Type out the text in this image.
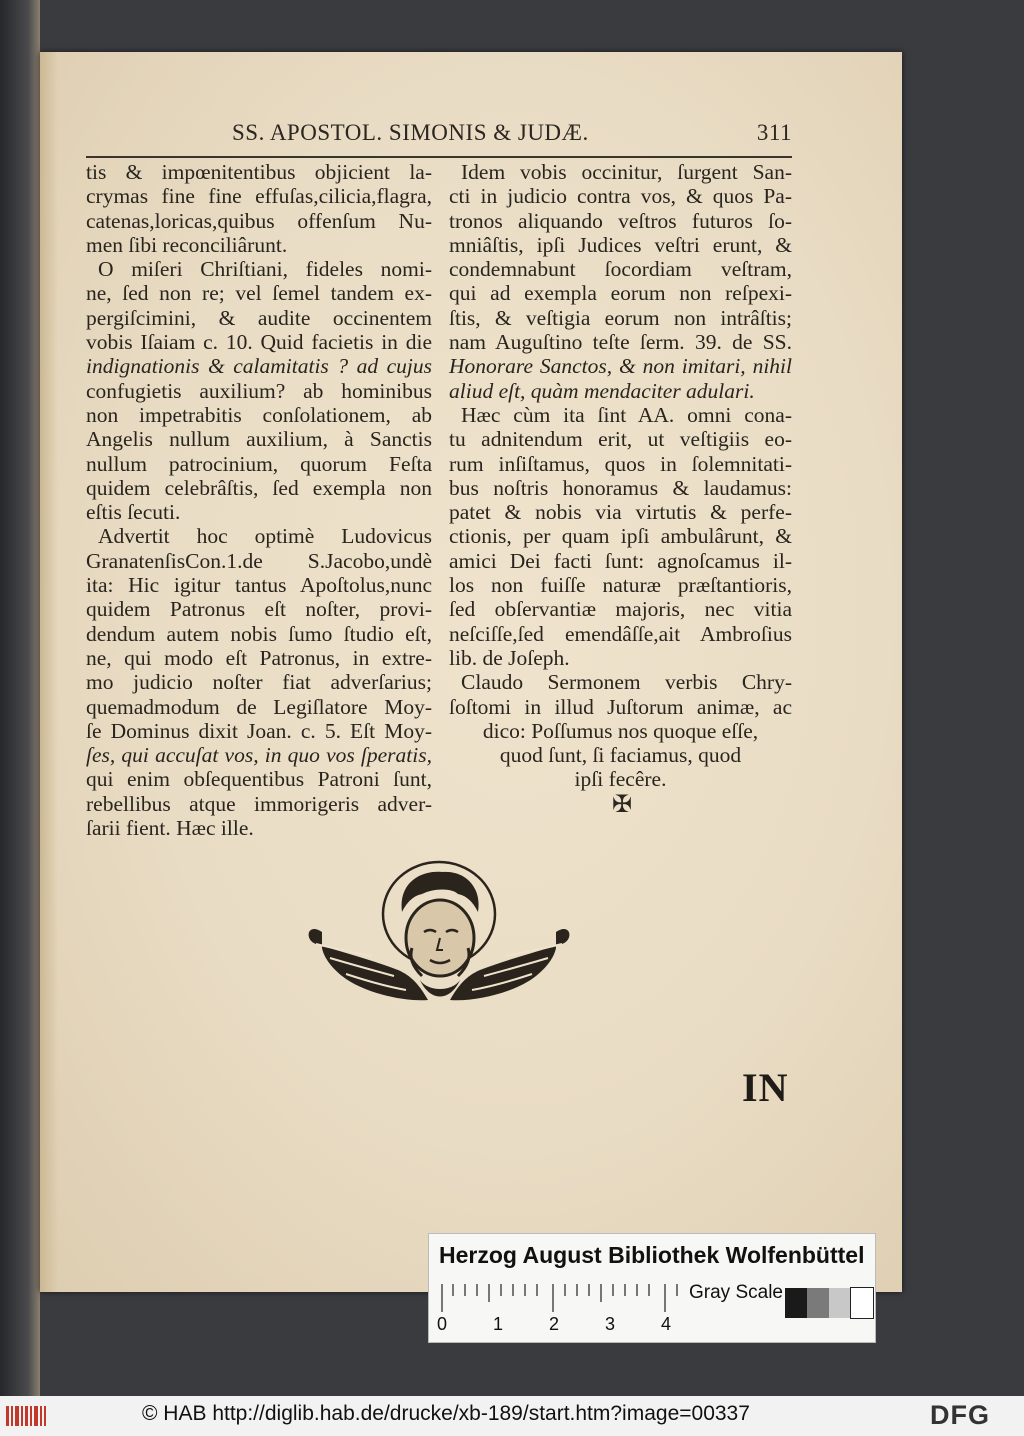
SS. APOSTOL. SIMONIS & JUDÆ.	311
tis & impœnitentibus objicient la-
crymas fine fine effuſas,cilicia,flagra,
catenas,loricas,quibus offenſum Nu-
men ſibi reconciliârunt.
O miſeri Chriſtiani, fideles nomi-
ne, ſed non re; vel ſemel tandem ex-
pergiſcimini, & audite occinentem
vobis Iſaiam c. 10. Quid facietis in die
indignationis & calamitatis ? ad cujus
confugietis auxilium? ab hominibus
non impetrabitis conſolationem, ab
Angelis nullum auxilium, à Sanctis
nullum patrocinium, quorum Feſta
quidem celebrâſtis, ſed exempla non
eſtis ſecuti.
Advertit hoc optimè Ludovicus
GranatenſisCon.1.de S.Jacobo,undè
ita: Hic igitur tantus Apoſtolus,nunc
quidem Patronus eſt noſter, provi-
dendum autem nobis ſumo ſtudio eſt,
ne, qui modo eſt Patronus, in extre-
mo judicio noſter fiat adverſarius;
quemadmodum de Legiſlatore Moy-
ſe Dominus dixit Joan. c. 5. Eſt Moy-
ſes, qui accuſat vos, in quo vos ſperatis,
qui enim obſequentibus Patroni ſunt,
rebellibus atque immorigeris adver-
ſarii fient. Hæc ille.
Idem vobis occinitur, ſurgent San-
cti in judicio contra vos, & quos Pa-
tronos aliquando veſtros futuros ſo-
mniâſtis, ipſi Judices veſtri erunt, &
condemnabunt ſocordiam veſtram,
qui ad exempla eorum non reſpexi-
ſtis, & veſtigia eorum non intrâſtis;
nam Auguſtino teſte ſerm. 39. de SS.
Honorare Sanctos, & non imitari, nihil
aliud eſt, quàm mendaciter adulari.
Hæc cùm ita ſint AA. omni cona-
tu adnitendum erit, ut veſtigiis eo-
rum inſiſtamus, quos in ſolemnitati-
bus noſtris honoramus & laudamus:
patet & nobis via virtutis & perfe-
ctionis, per quam ipſi ambulârunt, &
amici Dei facti ſunt: agnoſcamus il-
los non fuiſſe naturæ præſtantioris,
ſed obſervantiæ majoris, nec vitia
neſciſſe,ſed emendâſſe,ait Ambroſius
lib. de Joſeph.
Claudo Sermonem verbis Chry-
ſoſtomi in illud Juſtorum animæ, ac
dico: Poſſumus nos quoque eſſe,
quod ſunt, ſi faciamus, quod
ipſi fecêre.
✠
IN
Herzog August Bibliothek Wolfenbüttel
0	1	2	3	4
Gray Scale
© HAB http://diglib.hab.de/drucke/xb-189/start.htm?image=00337	DFG
